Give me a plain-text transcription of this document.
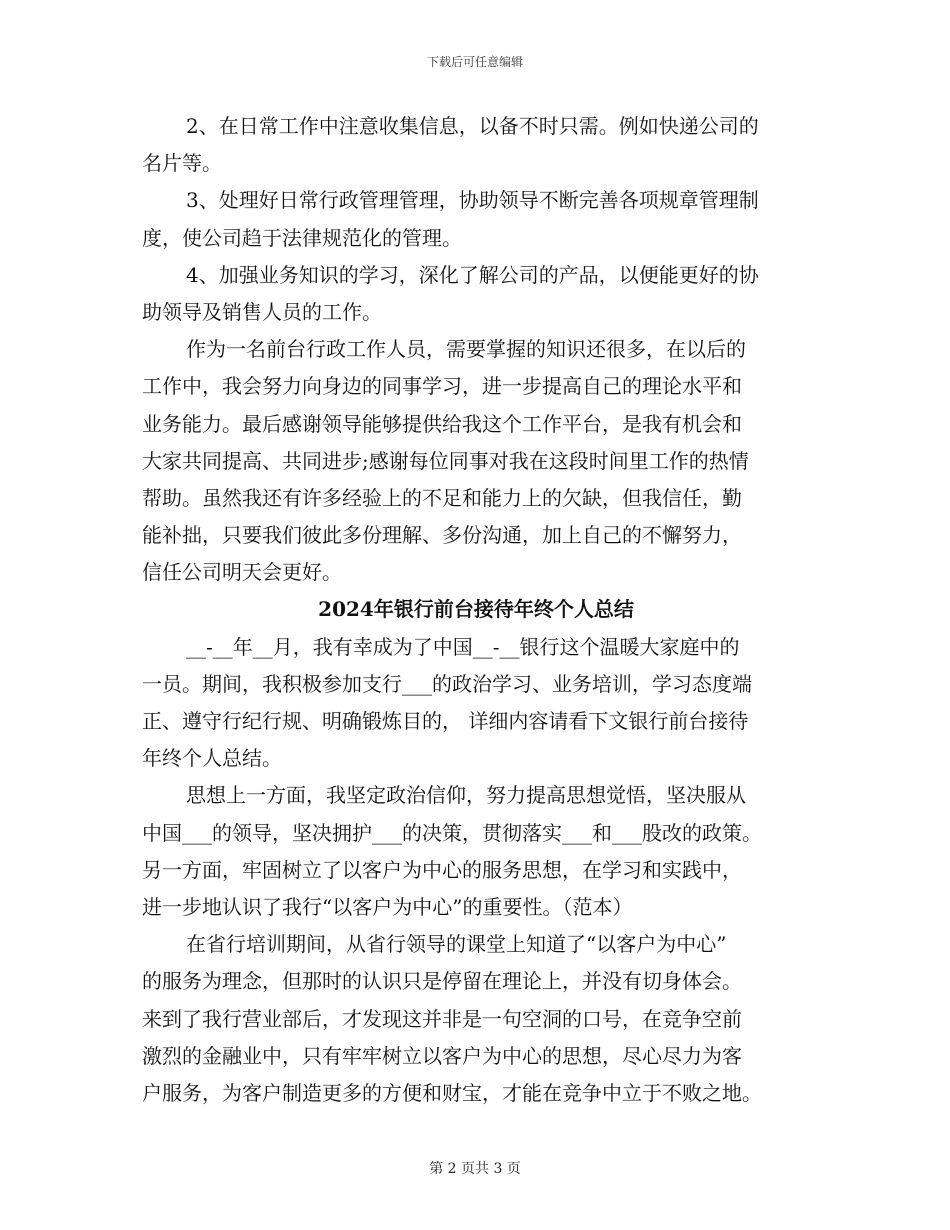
下载后可任意编辑
2、在日常工作中注意收集信息，以备不时只需。例如快递公司的
名片等。
3、处理好日常行政管理管理，协助领导不断完善各项规章管理制
度，使公司趋于法律规范化的管理。
4、加强业务知识的学习，深化了解公司的产品，以便能更好的协
助领导及销售人员的工作。
作为一名前台行政工作人员，需要掌握的知识还很多，在以后的
工作中，我会努力向身边的同事学习，进一步提高自己的理论水平和
业务能力。最后感谢领导能够提供给我这个工作平台，是我有机会和
大家共同提高、共同进步;感谢每位同事对我在这段时间里工作的热情
帮助。虽然我还有许多经验上的不足和能力上的欠缺，但我信任，勤
能补拙，只要我们彼此多份理解、多份沟通，加上自己的不懈努力，
信任公司明天会更好。
2024年银行前台接待年终个人总结
__-__年__月，我有幸成为了中国__-__银行这个温暖大家庭中的
一员。期间，我积极参加支行___的政治学习、业务培训，学习态度端
正、遵守行纪行规、明确锻炼目的， 详细内容请看下文银行前台接待
年终个人总结。
思想上一方面，我坚定政治信仰，努力提高思想觉悟，坚决服从
中国___的领导，坚决拥护___的决策，贯彻落实___和___股改的政策。
另一方面，牢固树立了以客户为中心的服务思想，在学习和实践中，
进一步地认识了我行“以客户为中心”的重要性。（范本）
在省行培训期间，从省行领导的课堂上知道了“以客户为中心”
的服务为理念，但那时的认识只是停留在理论上，并没有切身体会。
来到了我行营业部后，才发现这并非是一句空洞的口号，在竞争空前
激烈的金融业中，只有牢牢树立以客户为中心的思想，尽心尽力为客
户服务，为客户制造更多的方便和财宝，才能在竞争中立于不败之地。
第 2 页共 3 页
